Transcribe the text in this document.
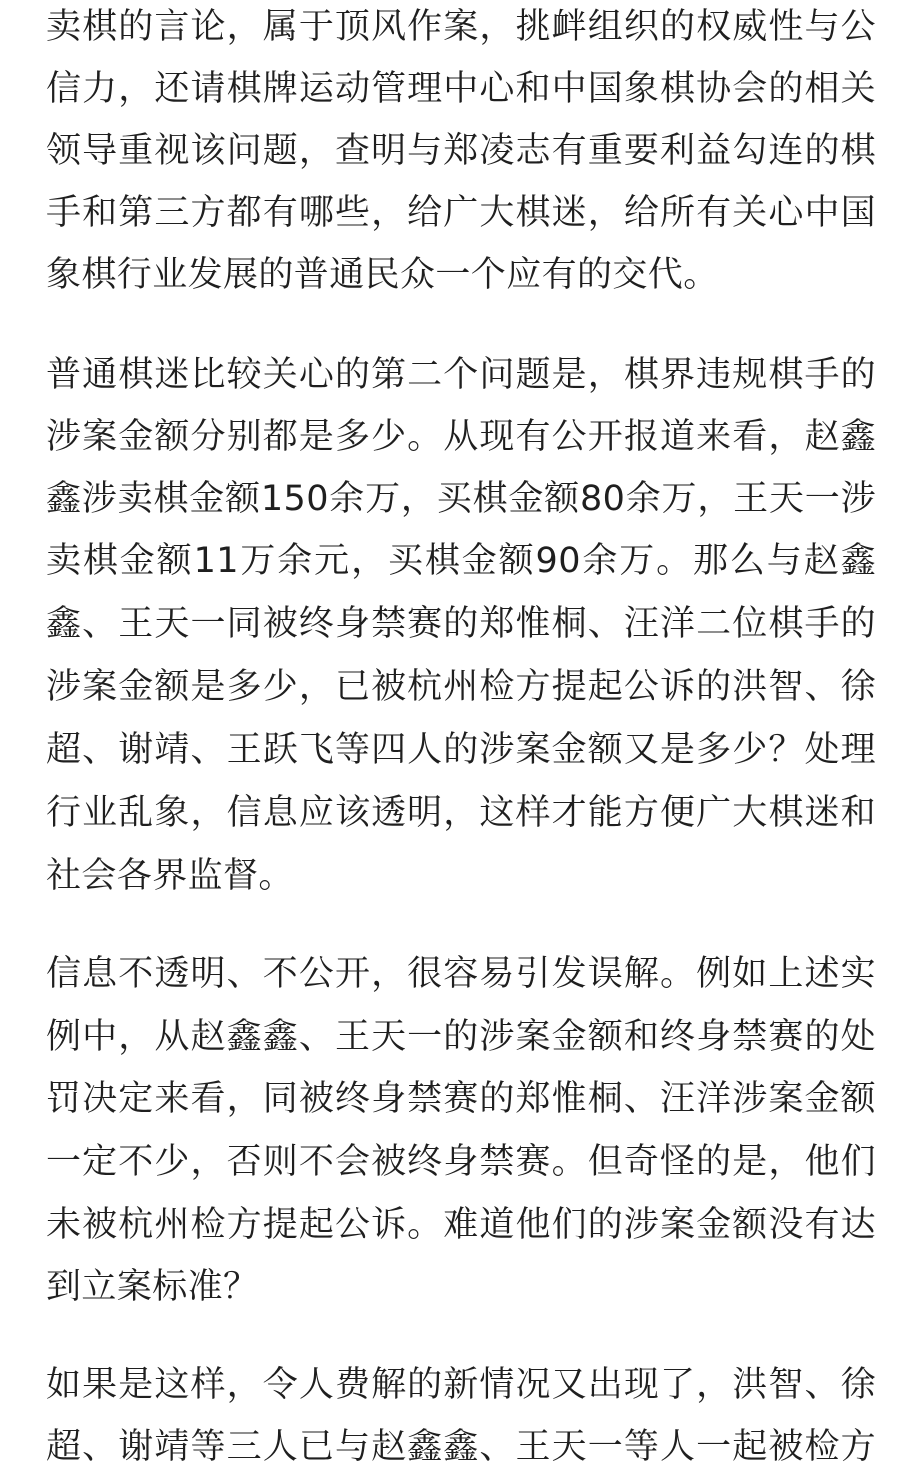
卖棋的言论，属于顶风作案，挑衅组织的权威性与公
信力，还请棋牌运动管理中心和中国象棋协会的相关
领导重视该问题，查明与郑凌志有重要利益勾连的棋
手和第三方都有哪些，给广大棋迷，给所有关心中国
象棋行业发展的普通民众一个应有的交代。
普通棋迷比较关心的第二个问题是，棋界违规棋手的
涉案金额分别都是多少。从现有公开报道来看，赵鑫
鑫涉卖棋金额150余万，买棋金额80余万，王天一涉
卖棋金额11万余元，买棋金额90余万。那么与赵鑫
鑫、王天一同被终身禁赛的郑惟桐、汪洋二位棋手的
涉案金额是多少，已被杭州检方提起公诉的洪智、徐
超、谢靖、王跃飞等四人的涉案金额又是多少？处理
行业乱象，信息应该透明，这样才能方便广大棋迷和
社会各界监督。
信息不透明、不公开，很容易引发误解。例如上述实
例中，从赵鑫鑫、王天一的涉案金额和终身禁赛的处
罚决定来看，同被终身禁赛的郑惟桐、汪洋涉案金额
一定不少，否则不会被终身禁赛。但奇怪的是，他们
未被杭州检方提起公诉。难道他们的涉案金额没有达
到立案标准？
如果是这样，令人费解的新情况又出现了，洪智、徐
超、谢靖等三人已与赵鑫鑫、王天一等人一起被检方
